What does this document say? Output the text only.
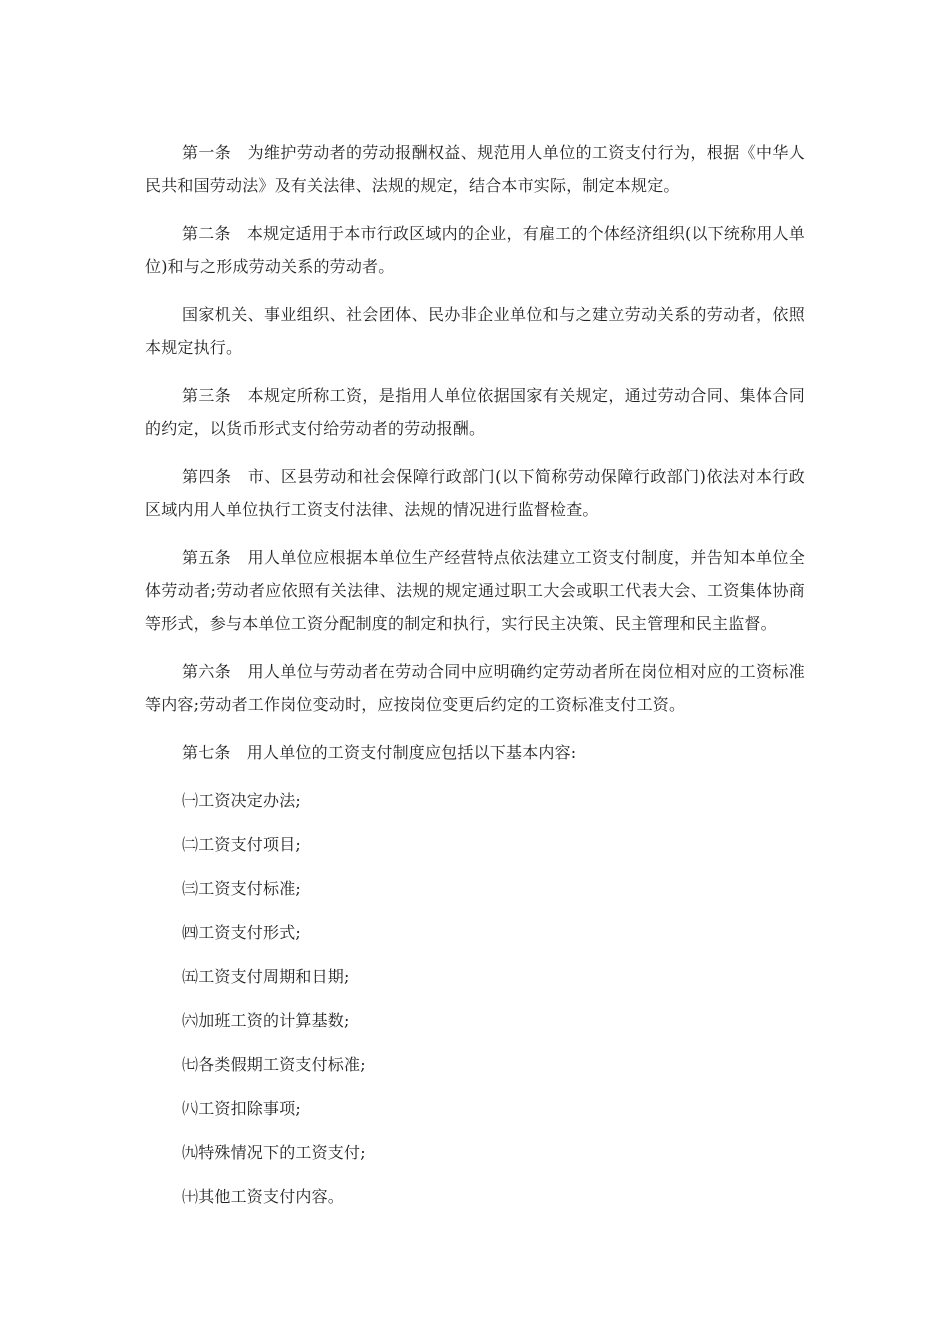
第一条　为维护劳动者的劳动报酬权益、规范用人单位的工资支付行为，根据《中华人民共和国劳动法》及有关法律、法规的规定，结合本市实际，制定本规定。

第二条　本规定适用于本市行政区域内的企业，有雇工的个体经济组织(以下统称用人单位)和与之形成劳动关系的劳动者。

国家机关、事业组织、社会团体、民办非企业单位和与之建立劳动关系的劳动者，依照本规定执行。

第三条　本规定所称工资，是指用人单位依据国家有关规定，通过劳动合同、集体合同的约定，以货币形式支付给劳动者的劳动报酬。

第四条　市、区县劳动和社会保障行政部门(以下简称劳动保障行政部门)依法对本行政区域内用人单位执行工资支付法律、法规的情况进行监督检查。

第五条　用人单位应根据本单位生产经营特点依法建立工资支付制度，并告知本单位全体劳动者;劳动者应依照有关法律、法规的规定通过职工大会或职工代表大会、工资集体协商等形式，参与本单位工资分配制度的制定和执行，实行民主决策、民主管理和民主监督。

第六条　用人单位与劳动者在劳动合同中应明确约定劳动者所在岗位相对应的工资标准等内容;劳动者工作岗位变动时，应按岗位变更后约定的工资标准支付工资。

第七条　用人单位的工资支付制度应包括以下基本内容:

㈠工资决定办法;

㈡工资支付项目;

㈢工资支付标准;

㈣工资支付形式;

㈤工资支付周期和日期;

㈥加班工资的计算基数;

㈦各类假期工资支付标准;

㈧工资扣除事项;

㈨特殊情况下的工资支付;

㈩其他工资支付内容。
